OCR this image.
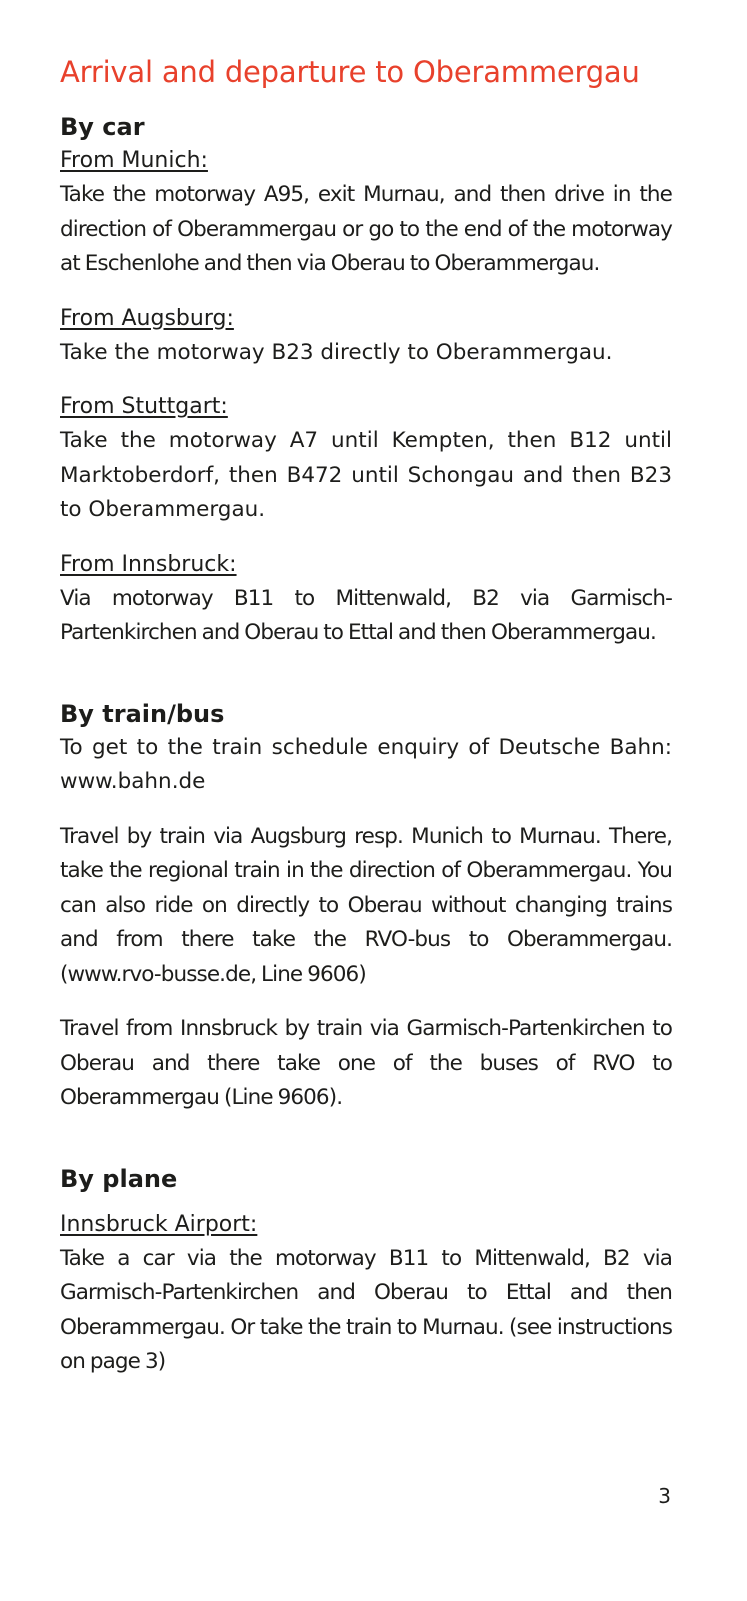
Arrival and departure to Oberammergau
By car

From Munich:

Take the motorway A95, exit Murnau, and then drive in the direction of Oberammergau or go to the end of the motorway at Eschenlohe and then via Oberau to Oberammergau.

From Augsburg:

Take the motorway B23 directly to Oberammergau.

From Stuttgart:

Take the motorway A7 until Kempten, then B12 until Marktoberdorf, then B472 until Schongau and then B23 to Oberammergau.

From Innsbruck:

Via motorway B11 to Mittenwald, B2 via Garmisch-Partenkirchen and Oberau to Ettal and then Oberammergau.

By train/bus

To get to the train schedule enquiry of Deutsche Bahn: www.bahn.de

Travel by train via Augsburg resp. Munich to Murnau. There, take the regional train in the direction of Oberammergau. You can also ride on directly to Oberau without changing trains and from there take the RVO-bus to Oberammergau. (www.rvo-busse.de, Line 9606)

Travel from Innsbruck by train via Garmisch-Partenkirchen to Oberau and there take one of the buses of RVO to Oberammergau (Line 9606).

By plane

Innsbruck Airport:

Take a car via the motorway B11 to Mittenwald, B2 via Garmisch-Partenkirchen and Oberau to Ettal and then Oberammergau. Or take the train to Murnau. (see instructions on page 3)

3
